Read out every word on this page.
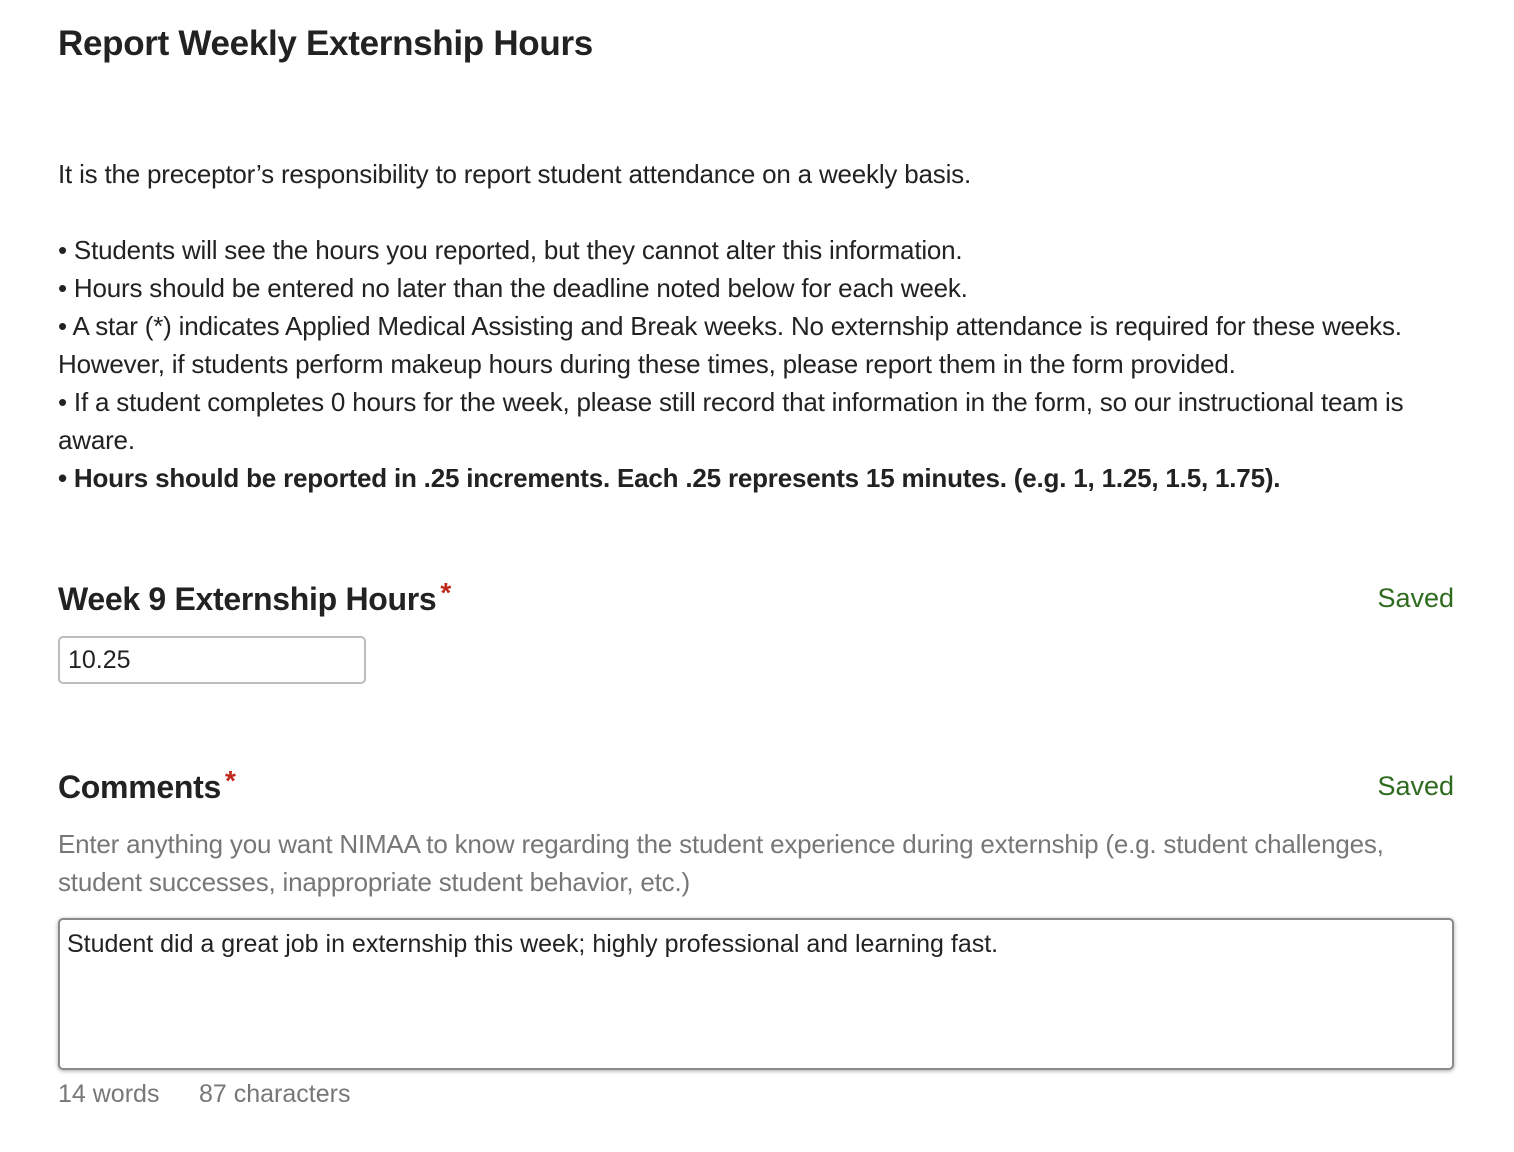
Report Weekly Externship Hours

It is the preceptor’s responsibility to report student attendance on a weekly basis.

• Students will see the hours you reported, but they cannot alter this information.
• Hours should be entered no later than the deadline noted below for each week.
• A star (*) indicates Applied Medical Assisting and Break weeks. No externship attendance is required for these weeks. However, if students perform makeup hours during these times, please report them in the form provided.
• If a student completes 0 hours for the week, please still record that information in the form, so our instructional team is aware.
• Hours should be reported in .25 increments. Each .25 represents 15 minutes. (e.g. 1, 1.25, 1.5, 1.75).
Week 9 Externship Hours *	Saved
10.25
Comments *	Saved

Enter anything you want NIMAA to know regarding the student experience during externship (e.g. student challenges, student successes, inappropriate student behavior, etc.)

Student did a great job in externship this week; highly professional and learning fast.
14 words 87 characters
